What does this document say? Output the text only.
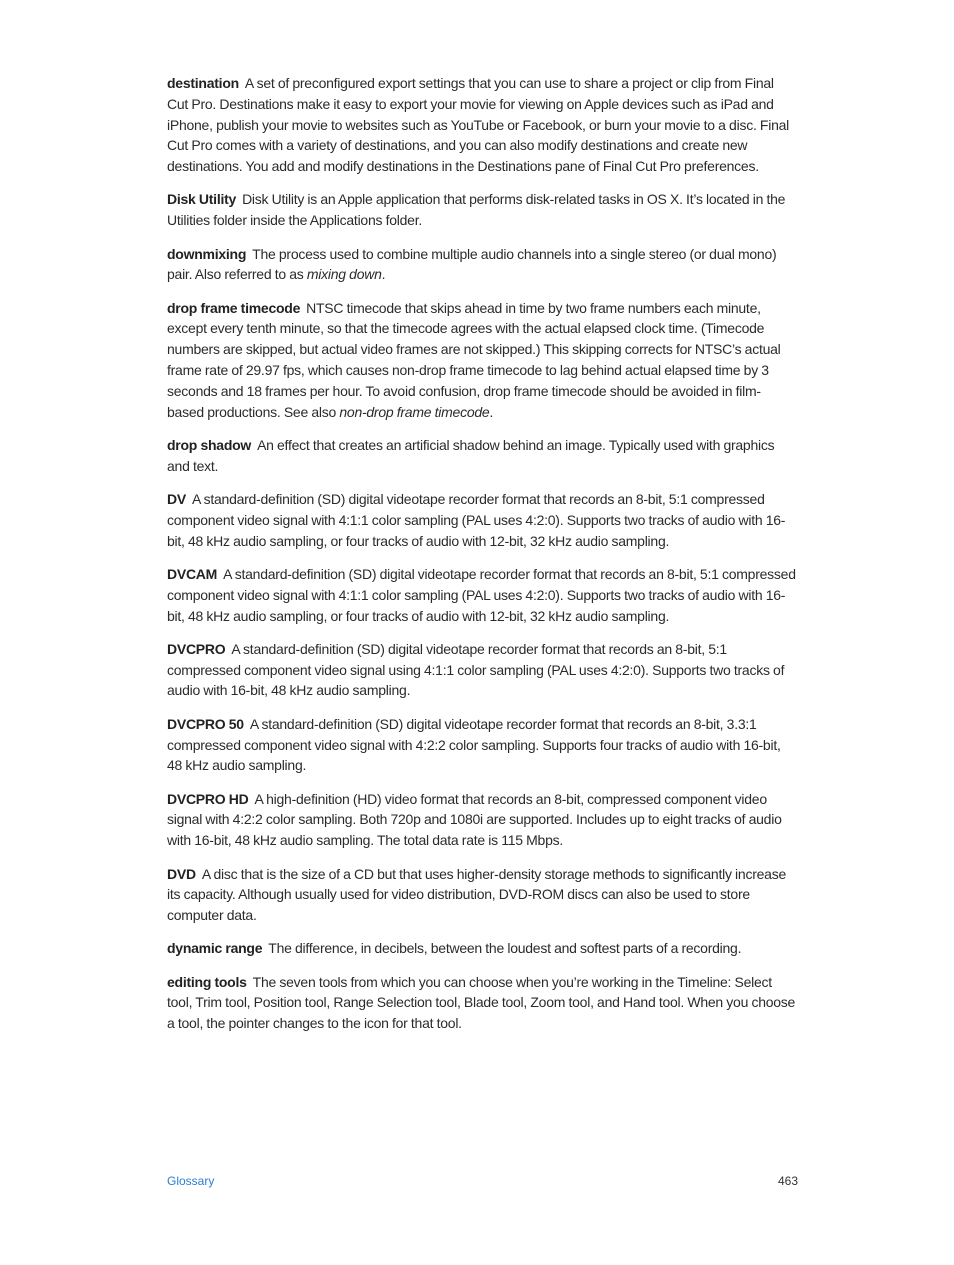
destination A set of preconfigured export settings that you can use to share a project or clip from Final Cut Pro. Destinations make it easy to export your movie for viewing on Apple devices such as iPad and iPhone, publish your movie to websites such as YouTube or Facebook, or burn your movie to a disc. Final Cut Pro comes with a variety of destinations, and you can also modify destinations and create new destinations. You add and modify destinations in the Destinations pane of Final Cut Pro preferences.

Disk Utility Disk Utility is an Apple application that performs disk-related tasks in OS X. It’s located in the Utilities folder inside the Applications folder.

downmixing The process used to combine multiple audio channels into a single stereo (or dual mono) pair. Also referred to as mixing down.

drop frame timecode NTSC timecode that skips ahead in time by two frame numbers each minute, except every tenth minute, so that the timecode agrees with the actual elapsed clock time. (Timecode numbers are skipped, but actual video frames are not skipped.) This skipping corrects for NTSC’s actual frame rate of 29.97 fps, which causes non-drop frame timecode to lag behind actual elapsed time by 3 seconds and 18 frames per hour. To avoid confusion, drop frame timecode should be avoided in film-based productions. See also non-drop frame timecode.

drop shadow An effect that creates an artificial shadow behind an image. Typically used with graphics and text.

DV A standard-definition (SD) digital videotape recorder format that records an 8-bit, 5:1 compressed component video signal with 4:1:1 color sampling (PAL uses 4:2:0). Supports two tracks of audio with 16-bit, 48 kHz audio sampling, or four tracks of audio with 12-bit, 32 kHz audio sampling.

DVCAM A standard-definition (SD) digital videotape recorder format that records an 8-bit, 5:1 compressed component video signal with 4:1:1 color sampling (PAL uses 4:2:0). Supports two tracks of audio with 16-bit, 48 kHz audio sampling, or four tracks of audio with 12-bit, 32 kHz audio sampling.

DVCPRO A standard-definition (SD) digital videotape recorder format that records an 8-bit, 5:1 compressed component video signal using 4:1:1 color sampling (PAL uses 4:2:0). Supports two tracks of audio with 16-bit, 48 kHz audio sampling.

DVCPRO 50 A standard-definition (SD) digital videotape recorder format that records an 8-bit, 3.3:1 compressed component video signal with 4:2:2 color sampling. Supports four tracks of audio with 16-bit, 48 kHz audio sampling.

DVCPRO HD A high-definition (HD) video format that records an 8-bit, compressed component video signal with 4:2:2 color sampling. Both 720p and 1080i are supported. Includes up to eight tracks of audio with 16-bit, 48 kHz audio sampling. The total data rate is 115 Mbps.

DVD A disc that is the size of a CD but that uses higher-density storage methods to significantly increase its capacity. Although usually used for video distribution, DVD-ROM discs can also be used to store computer data.

dynamic range The difference, in decibels, between the loudest and softest parts of a recording.

editing tools The seven tools from which you can choose when you’re working in the Timeline: Select tool, Trim tool, Position tool, Range Selection tool, Blade tool, Zoom tool, and Hand tool. When you choose a tool, the pointer changes to the icon for that tool.

Glossary	463
